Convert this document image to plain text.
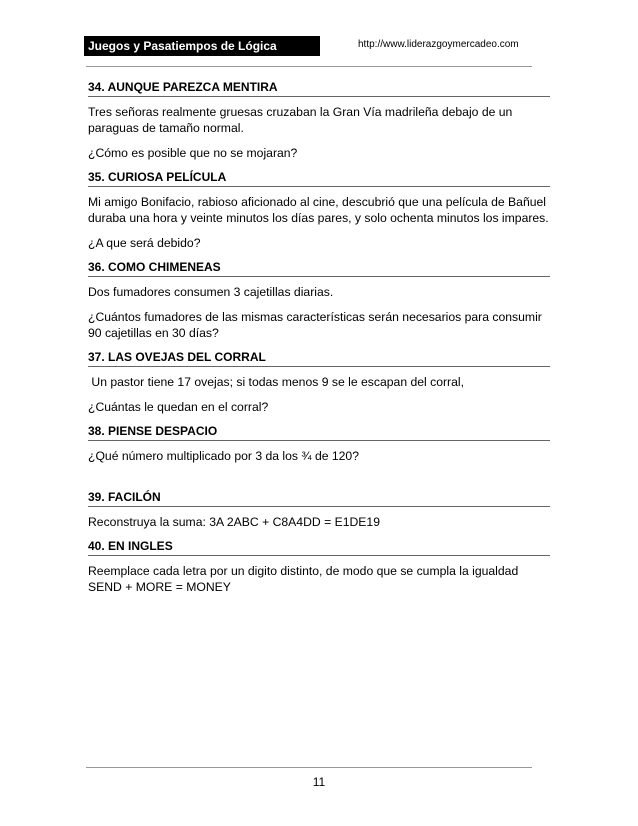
Juegos y Pasatiempos de Lógica	http://www.liderazgoymercadeo.com
34. AUNQUE PAREZCA MENTIRA

Tres señoras realmente gruesas cruzaban la Gran Vía madrileña debajo de un paraguas de tamaño normal.

¿Cómo es posible que no se mojaran?

35. CURIOSA PELÍCULA

Mi amigo Bonifacio, rabioso aficionado al cine, descubrió que una película de Bañuel duraba una hora y veinte minutos los días pares, y solo ochenta minutos los impares.

¿A que será debido?

36. COMO CHIMENEAS

Dos fumadores consumen 3 cajetillas diarias.

¿Cuántos fumadores de las mismas características serán necesarios para consumir 90 cajetillas en 30 días?

37. LAS OVEJAS DEL CORRAL

Un pastor tiene 17 ovejas; si todas menos 9 se le escapan del corral,

¿Cuántas le quedan en el corral?

38. PIENSE DESPACIO

¿Qué número multiplicado por 3 da los ¾ de 120?

39. FACILÓN

Reconstruya la suma: 3A 2ABC + C8A4DD = E1DE19

40. EN INGLES

Reemplace cada letra por un digito distinto, de modo que se cumpla la igualdad SEND + MORE = MONEY

11
